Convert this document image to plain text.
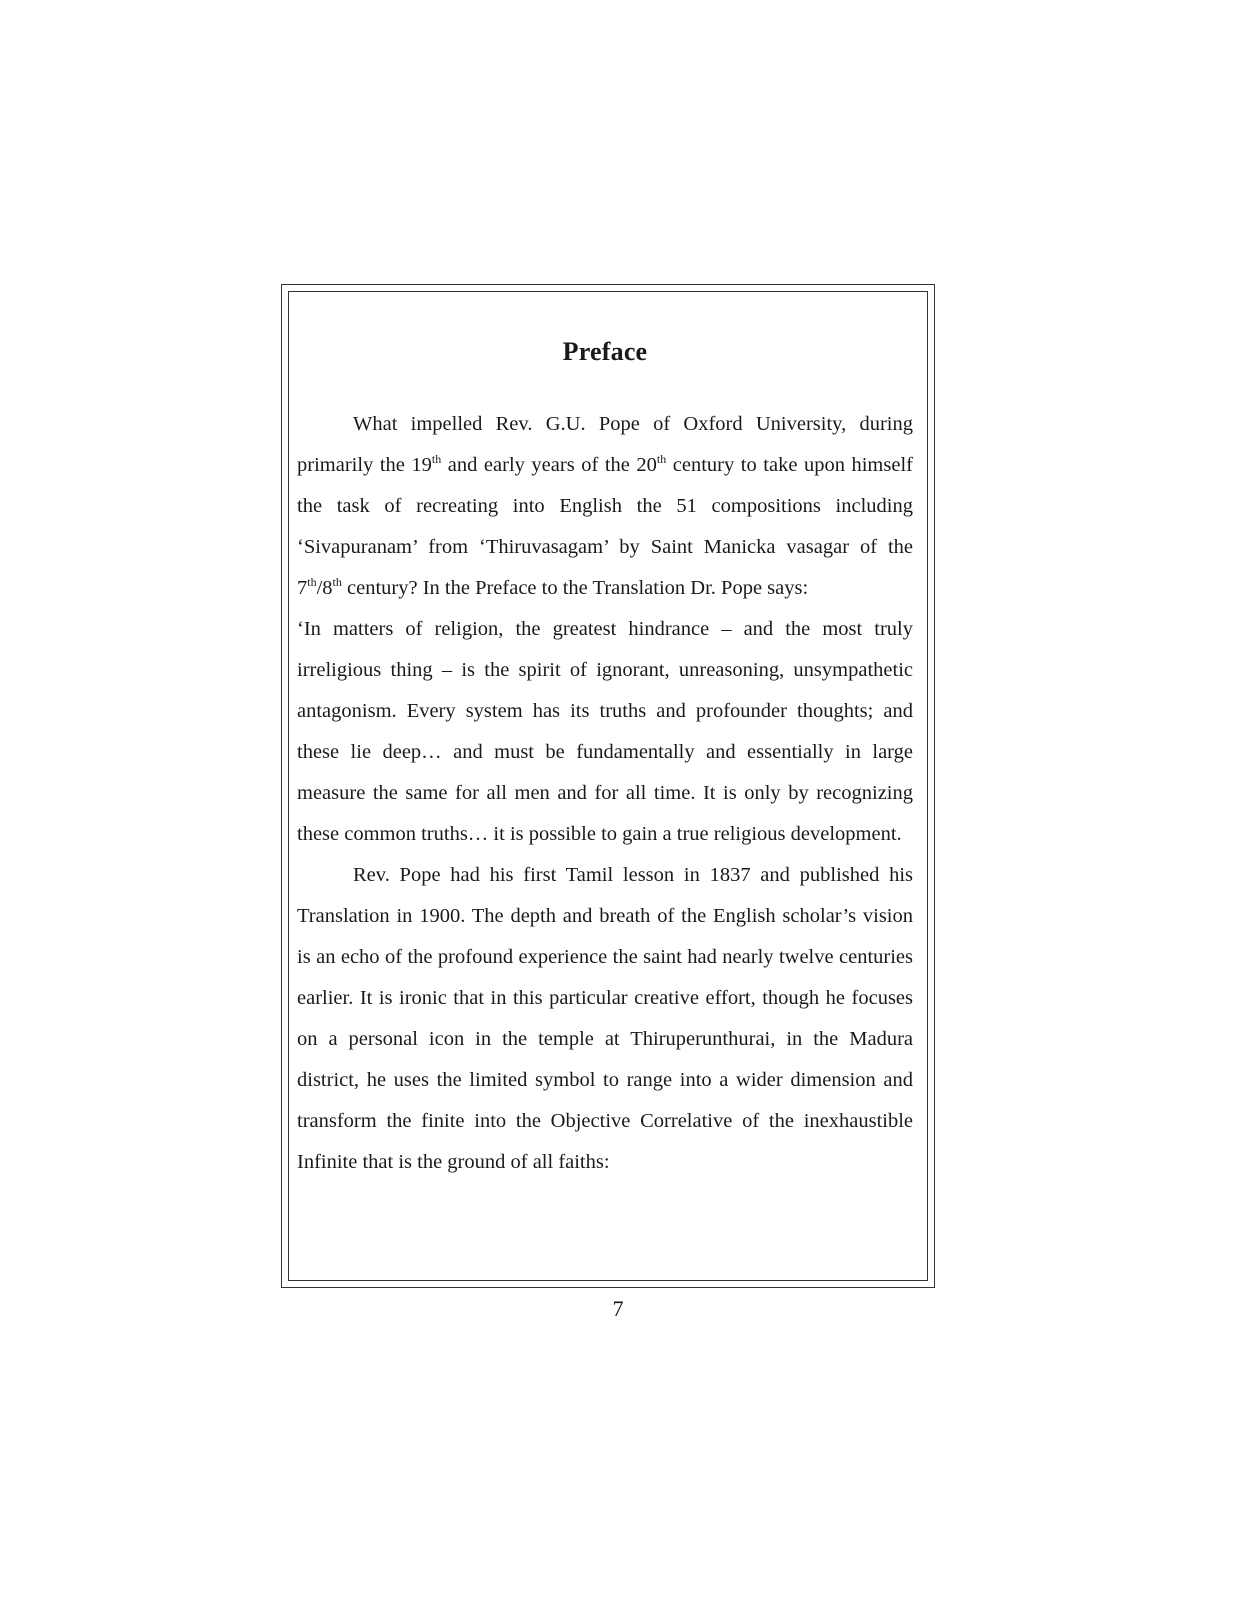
Preface

What impelled Rev. G.U. Pope of Oxford University, during primarily the 19th and early years of the 20th century to take upon himself the task of recreating into English the 51 compositions including ‘Sivapuranam’ from ‘Thiruvasagam’ by Saint Manicka vasagar of the 7th/8th century? In the Preface to the Translation Dr. Pope says:

‘In matters of religion, the greatest hindrance – and the most truly irreligious thing – is the spirit of ignorant, unreasoning, unsympathetic antagonism. Every system has its truths and profounder thoughts; and these lie deep… and must be fundamentally and essentially in large measure the same for all men and for all time. It is only by recognizing these common truths… it is possible to gain a true religious development.

Rev. Pope had his first Tamil lesson in 1837 and published his Translation in 1900. The depth and breath of the English scholar’s vision is an echo of the profound experience the saint had nearly twelve centuries earlier. It is ironic that in this particular creative effort, though he focuses on a personal icon in the temple at Thiruperunthurai, in the Madura district, he uses the limited symbol to range into a wider dimension and transform the finite into the Objective Correlative of the inexhaustible Infinite that is the ground of all faiths:

7
